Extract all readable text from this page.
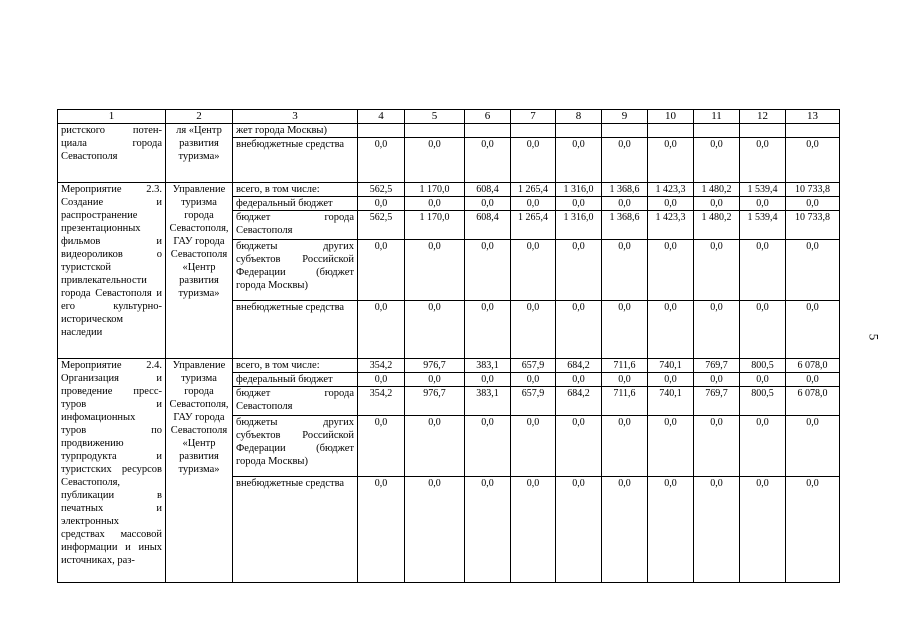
1	2	3	4	5	6	7	8	9	10	11	12	13
ристского потен- циала города Севастополя	ля «Центр развития туризма»	жет города Москвы)										
		внебюджетные средства	0,0	0,0	0,0	0,0	0,0	0,0	0,0	0,0	0,0	0,0
Мероприятие 2.3. Создание и распространение презентационных фильмов и видеороликов о туристской привлекательности города Севастополя и его культурно-историческом наследии	Управление туризма города Севастополя, ГАУ города Севастополя «Центр развития туризма»	всего, в том числе:	562,5	1 170,0	608,4	1 265,4	1 316,0	1 368,6	1 423,3	1 480,2	1 539,4	10 733,8
		федеральный бюджет	0,0	0,0	0,0	0,0	0,0	0,0	0,0	0,0	0,0	0,0
		бюджет города Севастополя	562,5	1 170,0	608,4	1 265,4	1 316,0	1 368,6	1 423,3	1 480,2	1 539,4	10 733,8
		бюджеты других субъектов Российской Федерации (бюджет города Москвы)	0,0	0,0	0,0	0,0	0,0	0,0	0,0	0,0	0,0	0,0
		внебюджетные средства	0,0	0,0	0,0	0,0	0,0	0,0	0,0	0,0	0,0	0,0
Мероприятие 2.4. Организация и проведение пресс-туров и инфомационных туров по продвижению турпродукта и туристских ресурсов Севастополя, публикации в печатных и электронных средствах массовой информации и иных источниках, раз-	Управление туризма города Севастополя, ГАУ города Севастополя «Центр развития туризма»	всего, в том числе:	354,2	976,7	383,1	657,9	684,2	711,6	740,1	769,7	800,5	6 078,0
		федеральный бюджет	0,0	0,0	0,0	0,0	0,0	0,0	0,0	0,0	0,0	0,0
		бюджет города Севастополя	354,2	976,7	383,1	657,9	684,2	711,6	740,1	769,7	800,5	6 078,0
		бюджеты других субъектов Российской Федерации (бюджет города Москвы)	0,0	0,0	0,0	0,0	0,0	0,0	0,0	0,0	0,0	0,0
		внебюджетные средства	0,0	0,0	0,0	0,0	0,0	0,0	0,0	0,0	0,0	0,0
5
